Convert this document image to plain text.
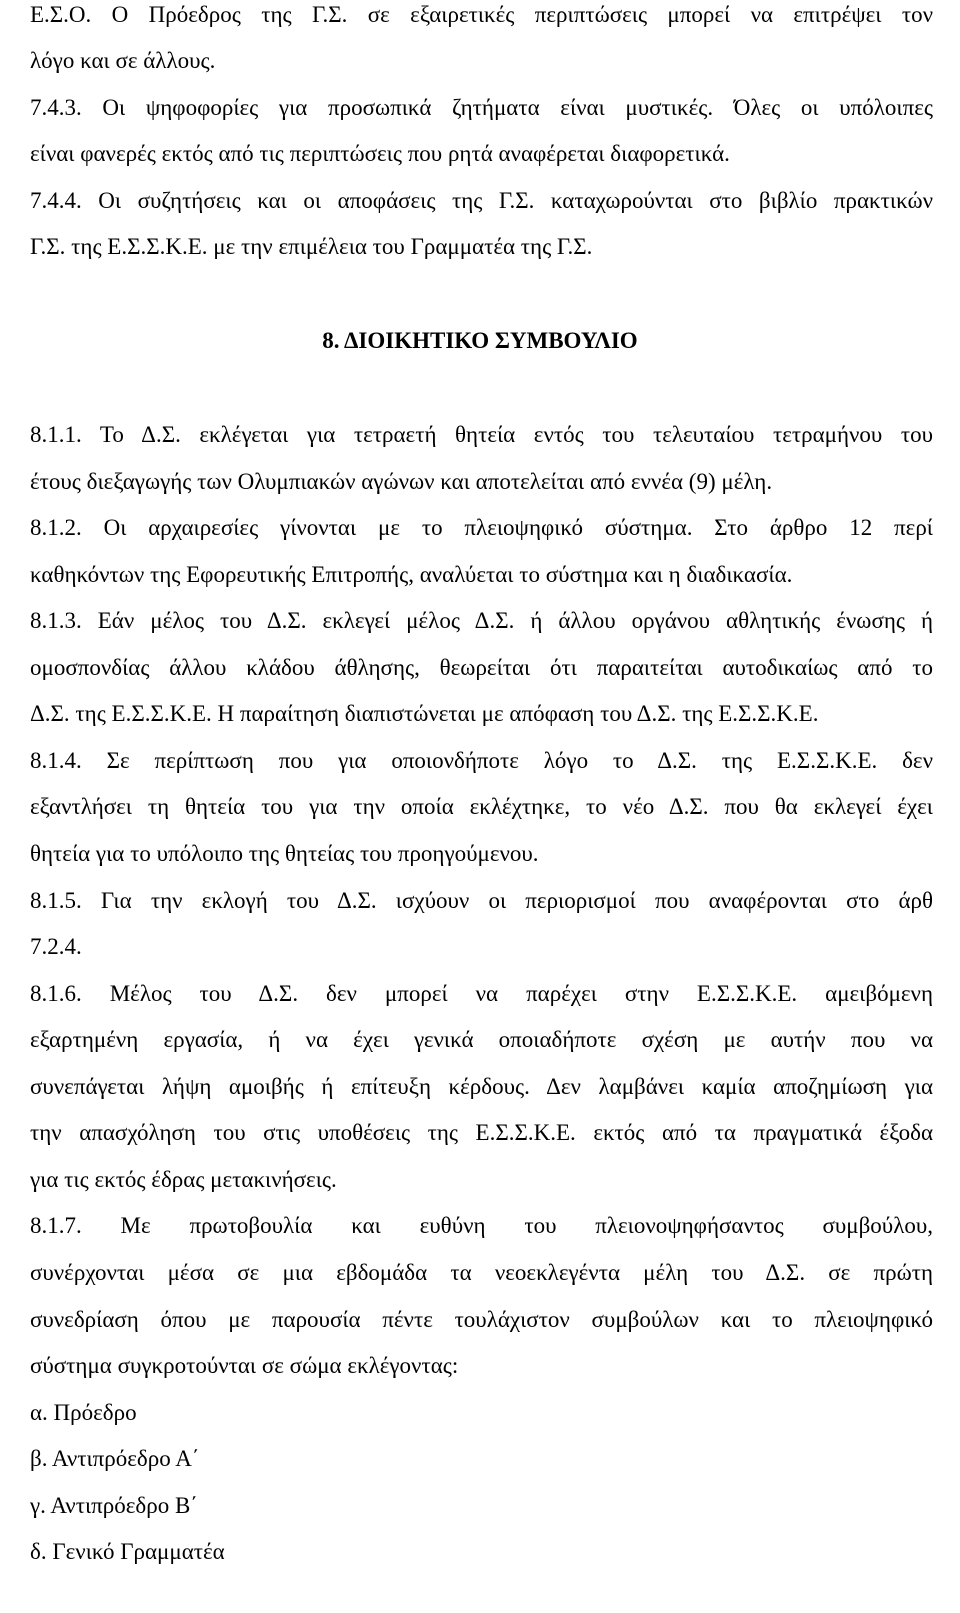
Ε.Σ.Ο. Ο Πρόεδρος της Γ.Σ. σε εξαιρετικές περιπτώσεις μπορεί να επιτρέψει τον
λόγο και σε άλλους.
7.4.3. Οι ψηφοφορίες για προσωπικά ζητήματα είναι μυστικές. Όλες οι υπόλοιπες
είναι φανερές εκτός από τις περιπτώσεις που ρητά αναφέρεται διαφορετικά.
7.4.4. Οι συζητήσεις και οι αποφάσεις της Γ.Σ. καταχωρούνται στο βιβλίο πρακτικών
Γ.Σ. της Ε.Σ.Σ.Κ.Ε. με την επιμέλεια του Γραμματέα της Γ.Σ.
8. ΔΙΟΙΚΗΤΙΚΟ ΣΥΜΒΟΥΛΙΟ
8.1.1. Το Δ.Σ. εκλέγεται για τετραετή θητεία εντός του τελευταίου τετραμήνου του
έτους διεξαγωγής των Ολυμπιακών αγώνων και αποτελείται από εννέα (9) μέλη.
8.1.2. Οι αρχαιρεσίες γίνονται με το πλειοψηφικό σύστημα. Στο άρθρο 12 περί
καθηκόντων της Εφορευτικής Επιτροπής, αναλύεται το σύστημα και η διαδικασία.
8.1.3. Εάν μέλος του Δ.Σ. εκλεγεί μέλος Δ.Σ. ή άλλου οργάνου αθλητικής ένωσης ή
ομοσπονδίας άλλου κλάδου άθλησης, θεωρείται ότι παραιτείται αυτοδικαίως από το
Δ.Σ. της Ε.Σ.Σ.Κ.Ε. Η παραίτηση διαπιστώνεται με απόφαση του Δ.Σ. της Ε.Σ.Σ.Κ.Ε.
8.1.4. Σε περίπτωση που για οποιονδήποτε λόγο το Δ.Σ. της Ε.Σ.Σ.Κ.Ε. δεν
εξαντλήσει τη θητεία του για την οποία εκλέχτηκε, το νέο Δ.Σ. που θα εκλεγεί έχει
θητεία για το υπόλοιπο της θητείας του προηγούμενου.
8.1.5. Για την εκλογή του Δ.Σ. ισχύουν οι περιορισμοί που αναφέρονται στο άρθ
7.2.4.
8.1.6. Μέλος του Δ.Σ. δεν μπορεί να παρέχει στην Ε.Σ.Σ.Κ.Ε. αμειβόμενη
εξαρτημένη εργασία, ή να έχει γενικά οποιαδήποτε σχέση με αυτήν που να
συνεπάγεται λήψη αμοιβής ή επίτευξη κέρδους. Δεν λαμβάνει καμία αποζημίωση για
την απασχόληση του στις υποθέσεις της Ε.Σ.Σ.Κ.Ε. εκτός από τα πραγματικά έξοδα
για τις εκτός έδρας μετακινήσεις.
8.1.7. Με πρωτοβουλία και ευθύνη του πλειονοψηφήσαντος συμβούλου,
συνέρχονται μέσα σε μια εβδομάδα τα νεοεκλεγέντα μέλη του Δ.Σ. σε πρώτη
συνεδρίαση όπου με παρουσία πέντε τουλάχιστον συμβούλων και το πλειοψηφικό
σύστημα συγκροτούνται σε σώμα εκλέγοντας:
α. Πρόεδρο
β. Αντιπρόεδρο Α΄
γ. Αντιπρόεδρο Β΄
δ. Γενικό Γραμματέα
